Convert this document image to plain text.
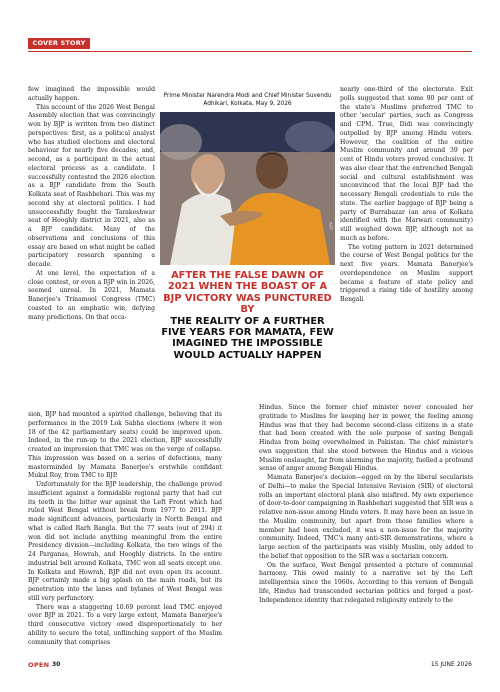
COVER STORY

few imagined the impossible would actually happen.

This account of the 2026 West Bengal Assembly election that was convincingly won by BJP is written from two distinct perspectives: first, as a political analyst who has studied elections and electoral behaviour for nearly five decades; and, second, as a participant in the actual electoral process as a candidate. I successfully contested the 2026 election as a BJP candidate from the South Kolkata seat of Rashbehari. This was my second shy at electoral politics. I had unsuccessfully fought the Tarakeshwar seat of Hooghly district in 2021, also as a BJP candidate. Many of the observations and conclusions of this essay are based on what might be called participatory research spanning a decade.

At one level, the expectation of a close contest, or even a BJP win in 2026, seemed unreal. In 2021, Mamata Banerjee's Trinamool Congress (TMC) coasted to an emphatic win, defying many predictions. On that occa-

Prime Minister Narendra Modi and Chief Minister Suvendu Adhikari, Kolkata, May 9, 2026
AFP
AFTER THE FALSE DAWN OF 2021 WHEN THE BOAST OF A BJP VICTORY WAS PUNCTURED BY
THE REALITY OF A FURTHER FIVE YEARS FOR MAMATA, FEW IMAGINED THE IMPOSSIBLE WOULD ACTUALLY HAPPEN

nearly one-third of the electorate. Exit polls suggested that some 90 per cent of the state's Muslims preferred TMC to other 'secular' parties, such as Congress and CPM. True, Didi was convincingly outpolled by BJP among Hindu voters. However, the coalition of the entire Muslim community and around 39 per cent of Hindu voters proved conclusive. It was also clear that the entrenched Bengali social and cultural establishment was unconvinced that the local BJP had the necessary Bengali credentials to rule the state. The earlier baggage of BJP being a party of Burrabazar (an area of Kolkata identified with the Marwari community) still weighed down BJP, although not as much as before.

The voting pattern in 2021 determined the course of West Bengal politics for the next five years. Mamata Banerjee's overdependence on Muslim support became a feature of state policy and triggered a rising tide of hostility among Bengali

sion, BJP had mounted a spirited challenge, believing that its performance in the 2019 Lok Sabha elections (where it won 18 of the 42 parliamentary seats) could be improved upon. Indeed, in the run-up to the 2021 election, BJP successfully created an impression that TMC was on the verge of collapse. This impression was based on a series of defections, many masterminded by Mamata Banerjee's erstwhile confidant Mukul Roy, from TMC to BJP.

Unfortunately for the BJP leadership, the challenge proved insufficient against a formidable regional party that had cut its teeth in the bitter war against the Left Front which had ruled West Bengal without break from 1977 to 2011. BJP made significant advances, particularly in North Bengal and what is called Rarh Bangla. But the 77 seats (out of 294) it won did not include anything meaningful from the entire Presidency division—including Kolkata, the two wings of the 24 Parganas, Howrah, and Hooghly districts. In the entire industrial belt around Kolkata, TMC won all seats except one. In Kolkata and Howrah, BJP did not even open its account. BJP certainly made a big splash on the main roads, but its penetration into the lanes and bylanes of West Bengal was still very perfunctory.

There was a staggering 10.69 percent lead TMC enjoyed over BJP in 2021. To a very large extent, Mamata Banerjee's third consecutive victory owed disproportionately to her ability to secure the total, unflinching support of the Muslim community that comprises

Hindus. Since the former chief minister never concealed her gratitude to Muslims for keeping her in power, the feeling among Hindus was that they had become second-class citizens in a state that had been created with the sole purpose of saving Bengali Hindus from being overwhelmed in Pakistan. The chief minister's own suggestion that she stood between the Hindus and a vicious Muslim onslaught, far from alarming the majority, fuelled a profound sense of anger among Bengali Hindus.

Mamata Banerjee's decision—egged on by the liberal secularists of Delhi—to make the Special Intensive Revision (SIR) of electoral rolls an important electoral plank also misfired. My own experience of door-to-door campaigning in Rashbehari suggested that SIR was a relative non-issue among Hindu voters. It may have been an issue in the Muslim community, but apart from those families where a member had been excluded, it was a non-issue for the majority community. Indeed, TMC's many anti-SIR demonstrations, where a large section of the participants was visibly Muslim, only added to the belief that opposition to the SIR was a sectarian concern.

On the surface, West Bengal presented a picture of communal harmony. This owed mainly to a narrative set by the Left intelligentsia since the 1960s. According to this version of Bengali life, Hindus had transcended sectarian politics and forged a post-Independence identity that relegated religiosity entirely to the

OPEN 30	15 JUNE 2026
